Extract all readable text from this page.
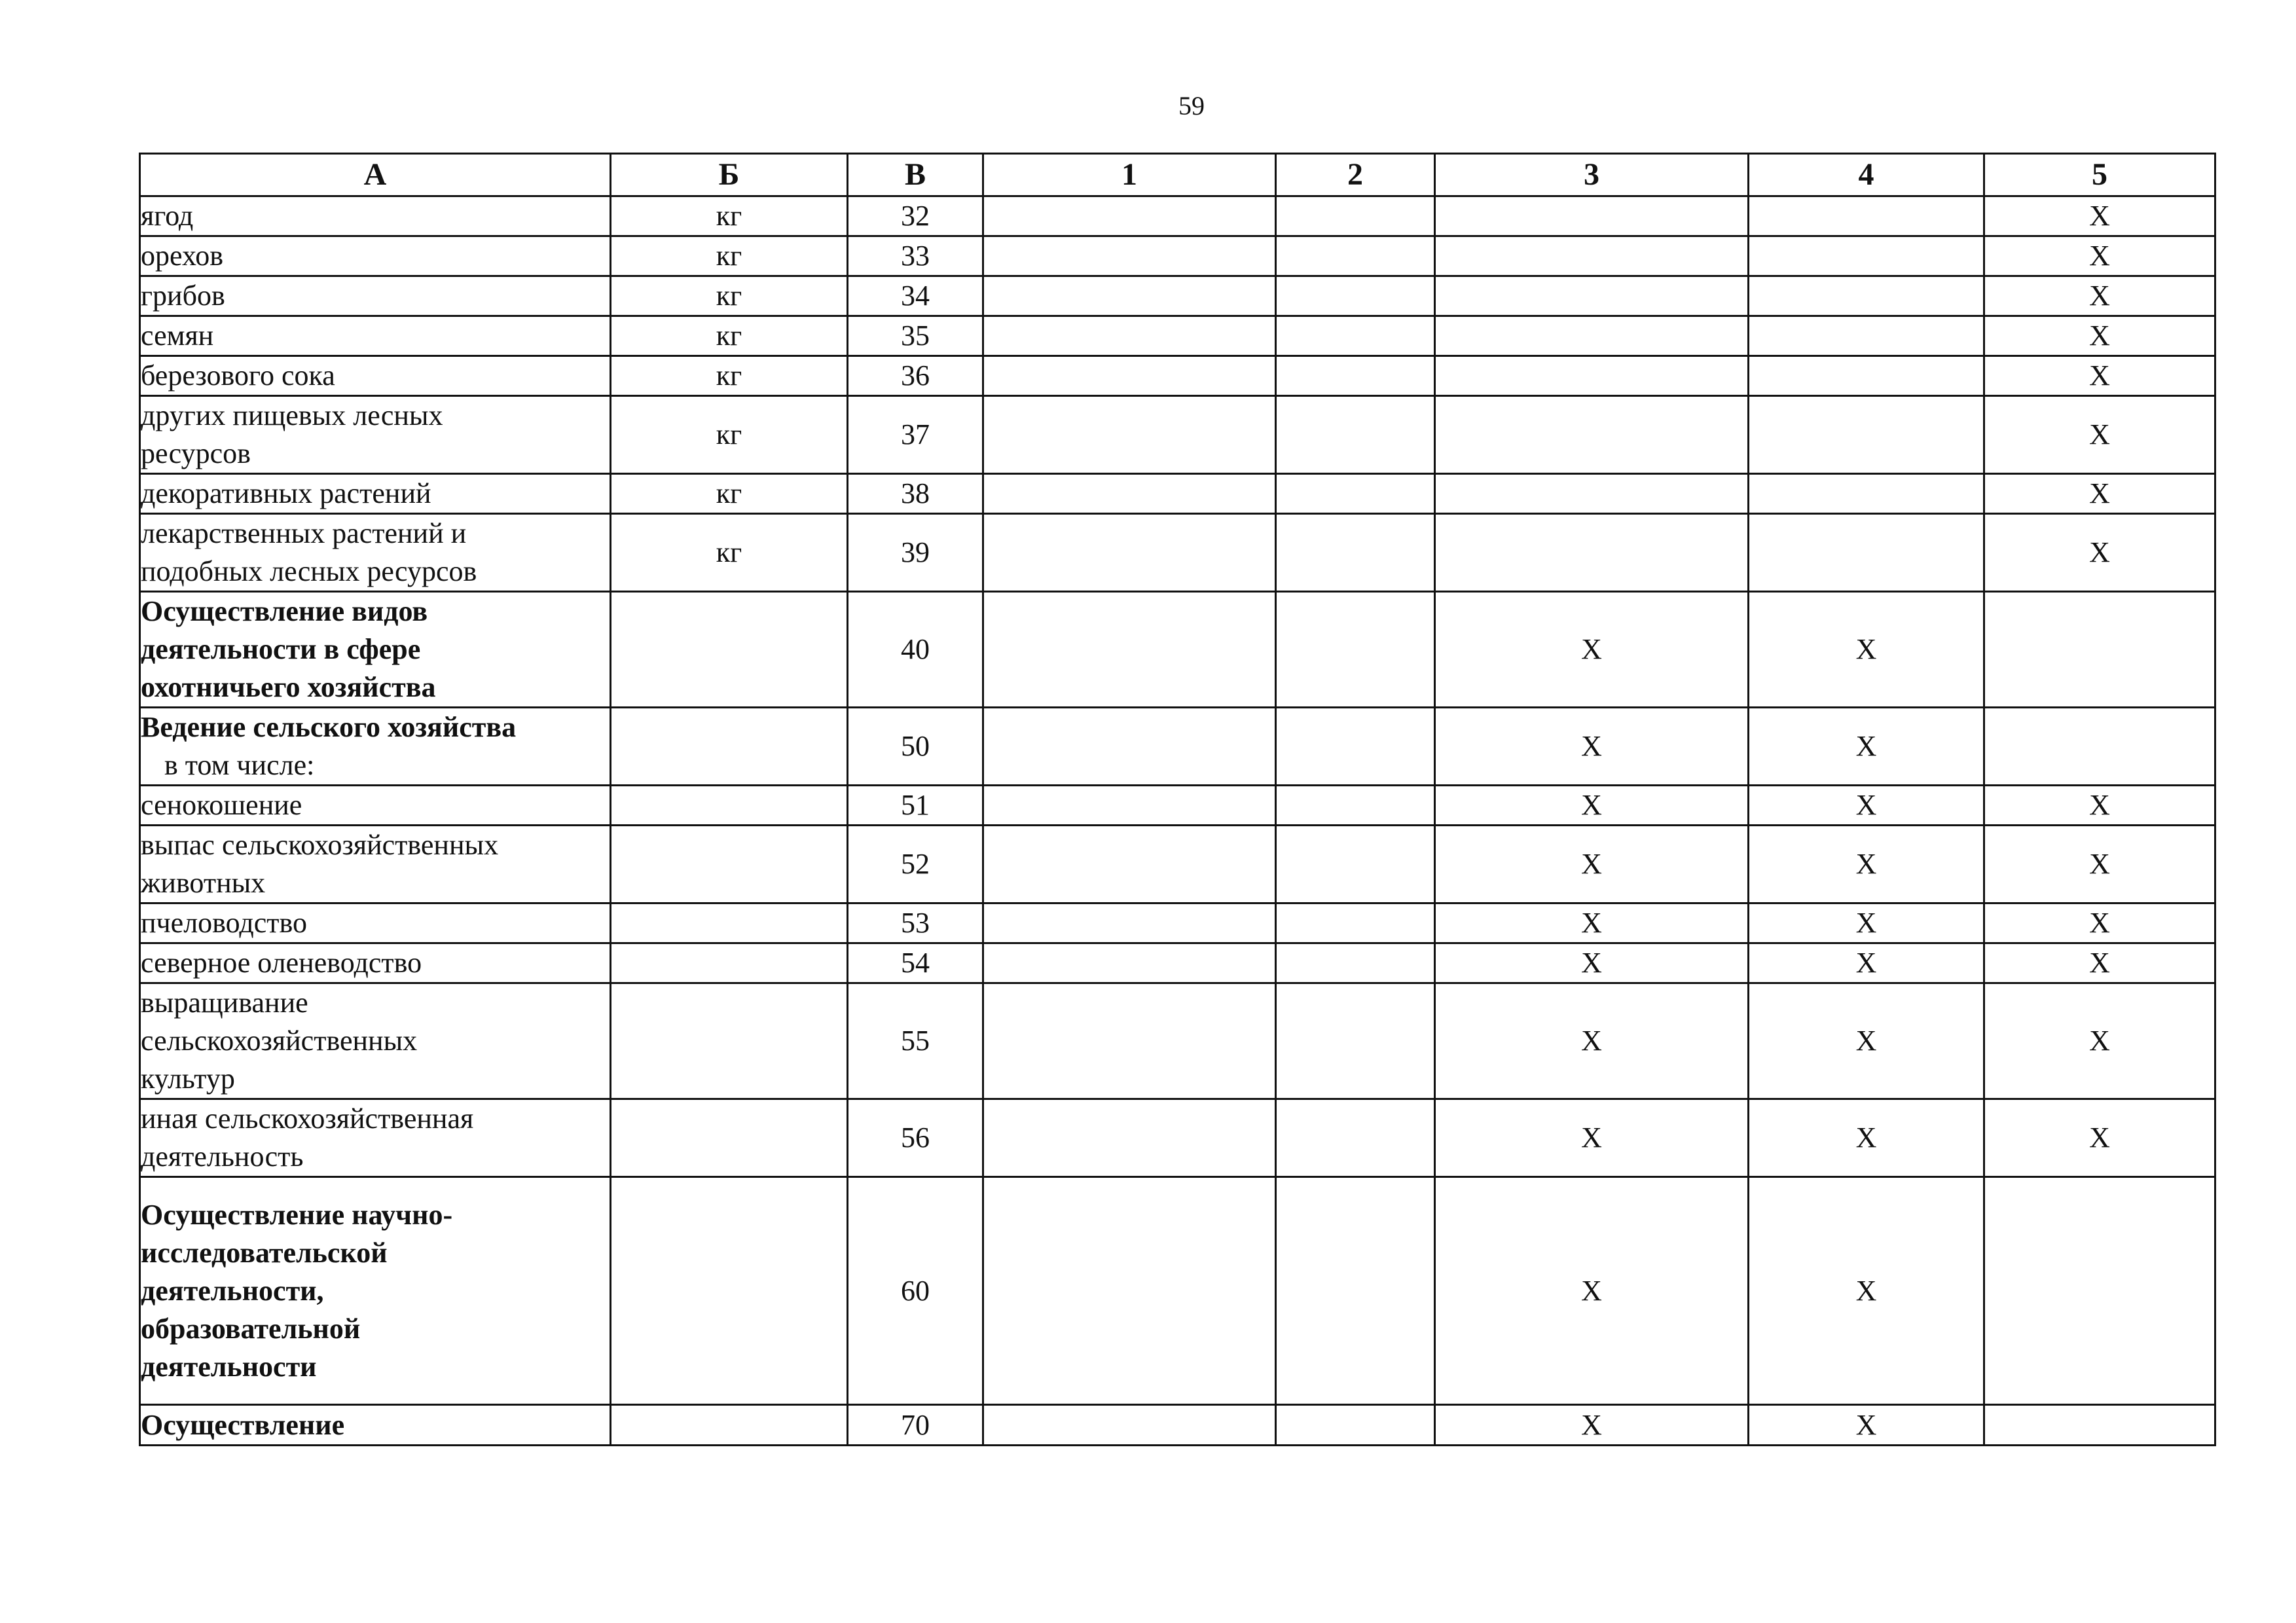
59
А	Б	В	1	2	3	4	5

ягод	кг	32					X

орехов	кг	33					X

грибов	кг	34					X

семян	кг	35					X

березового сока	кг	36					X

других пищевых лесных
ресурсов	кг	37					X

декоративных растений	кг	38					X

лекарственных растений и
подобных лесных ресурсов	кг	39					X

Осуществление видов
деятельности в сфере
охотничьего хозяйства		40			X	X	

Ведение сельского хозяйства
в том числе:		50			X	X	

сенокошение		51			X	X	X

выпас сельскохозяйственных
животных		52			X	X	X

пчеловодство		53			X	X	X

северное оленеводство		54			X	X	X

выращивание
сельскохозяйственных
культур		55			X	X	X

иная сельскохозяйственная
деятельность		56			X	X	X

Осуществление научно-
исследовательской
деятельности,
образовательной
деятельности		60			X	X	

Осуществление		70			X	X	
